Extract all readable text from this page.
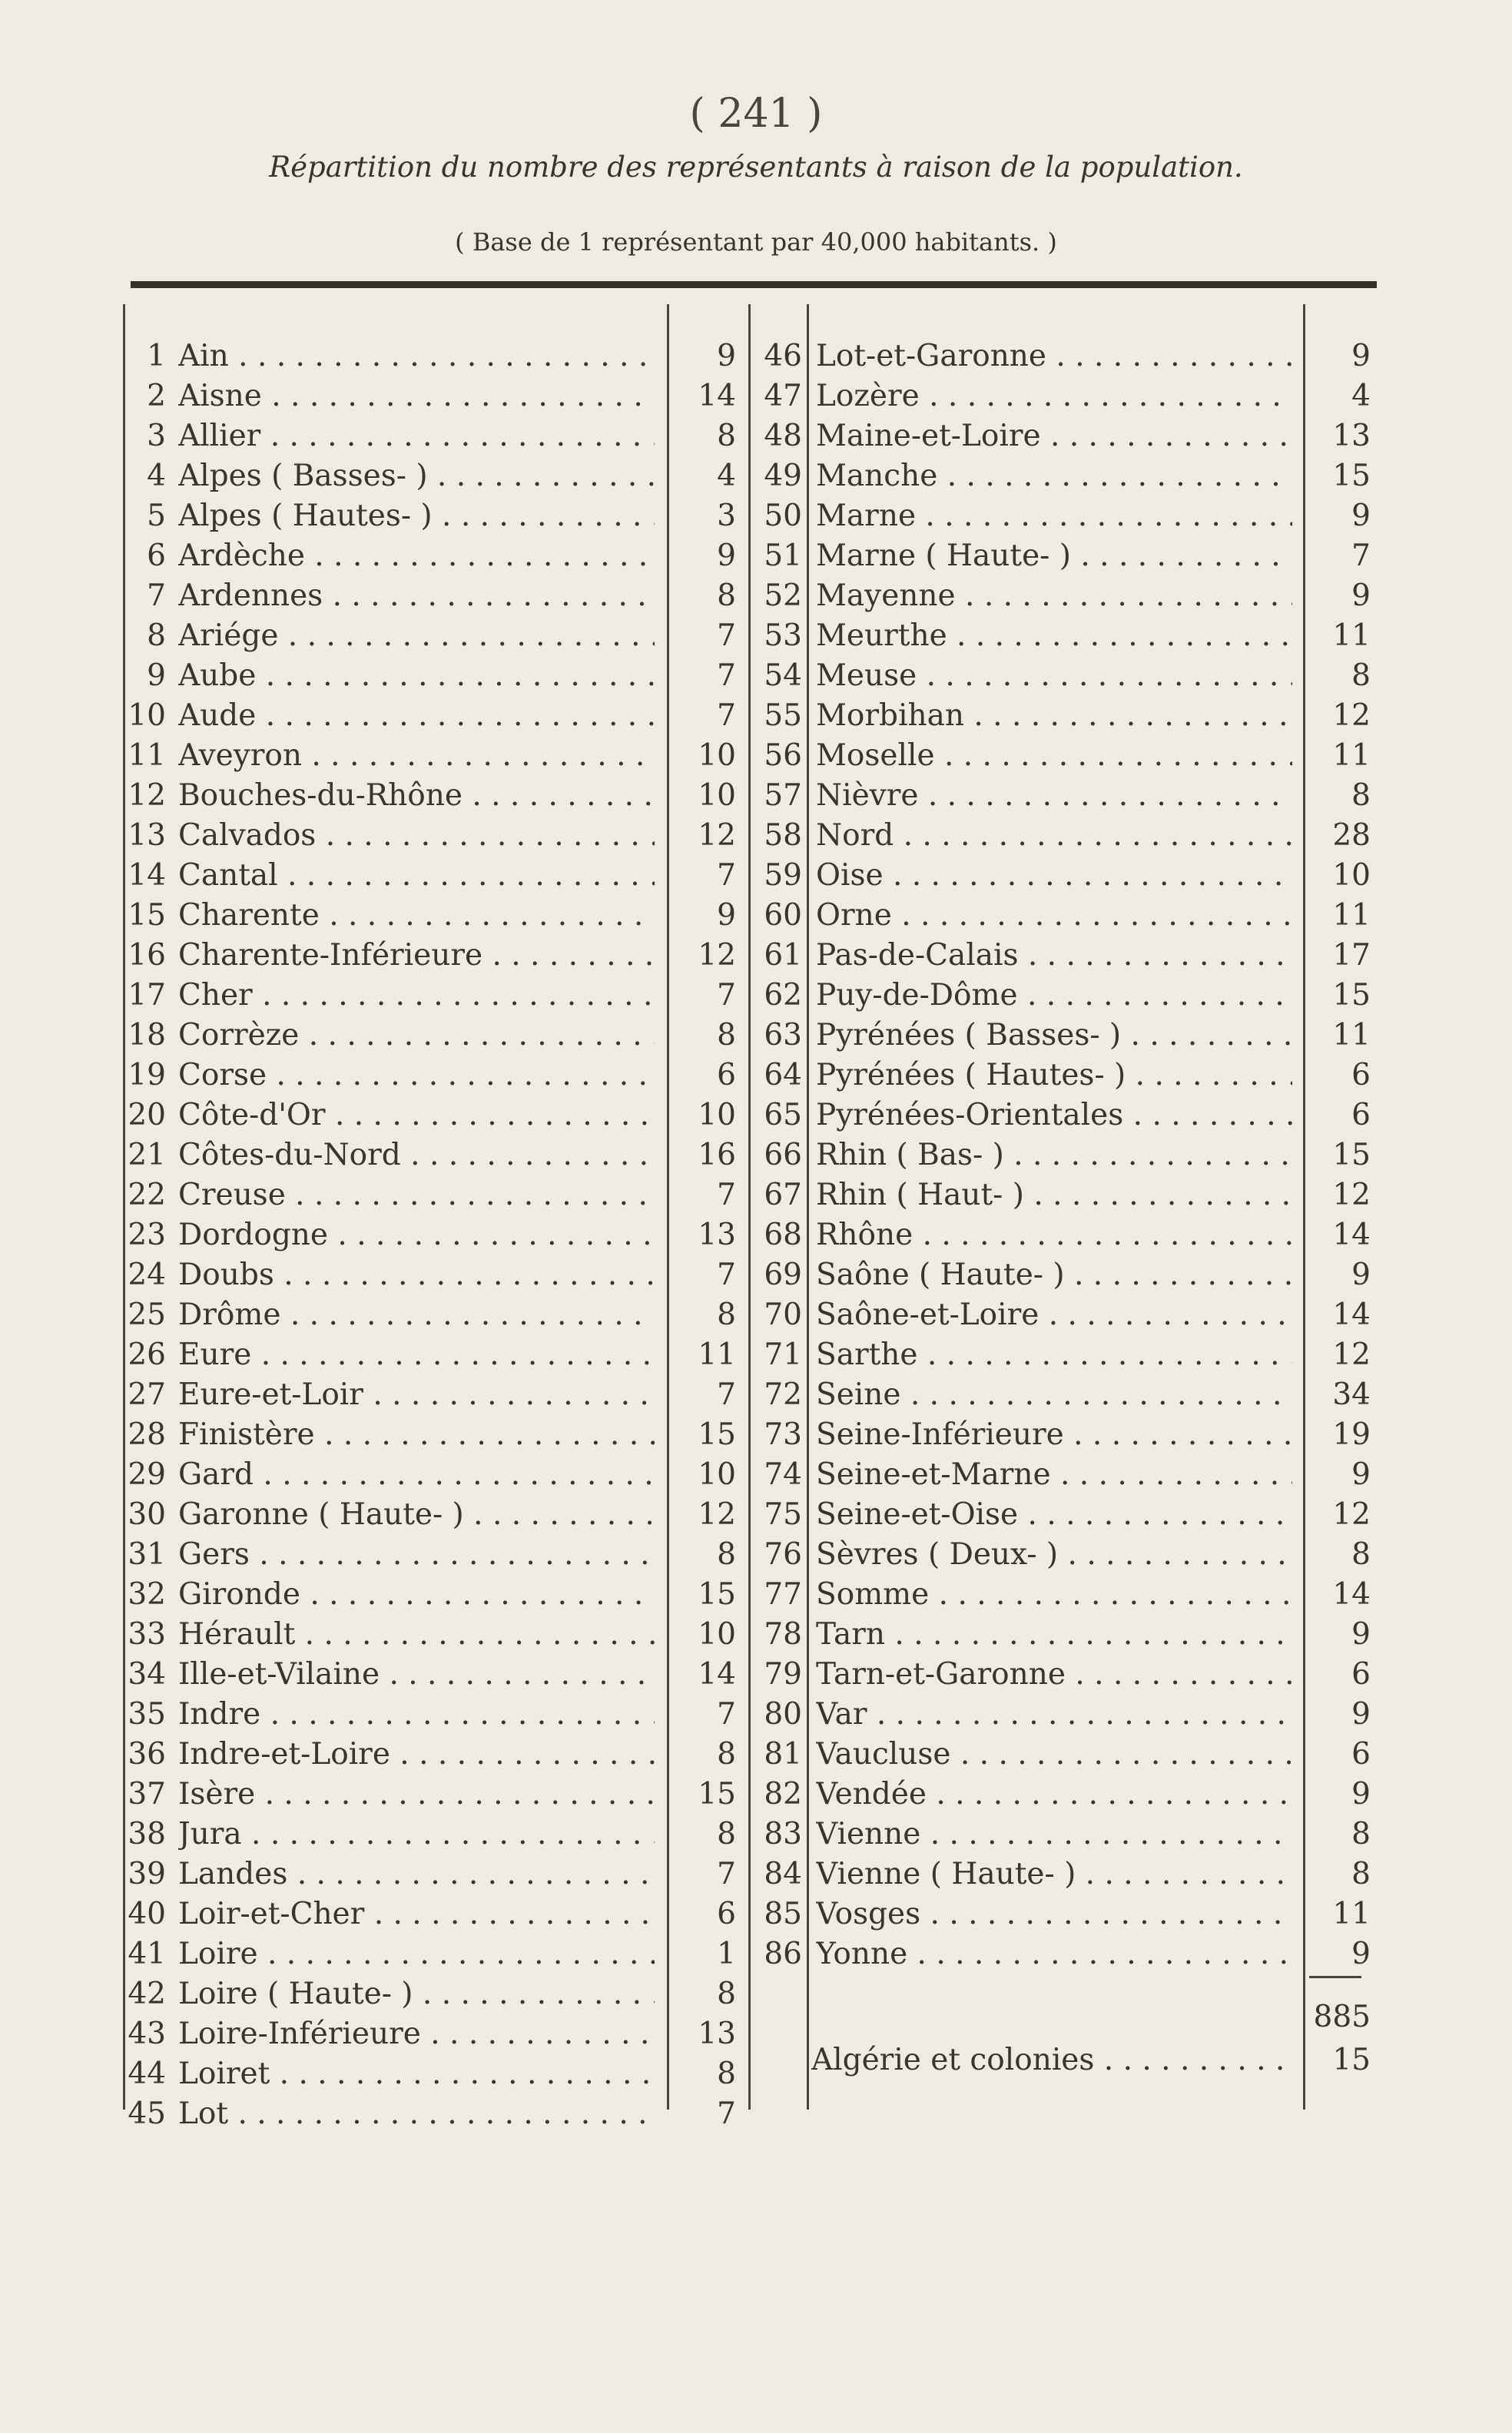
( 241 )
Répartition du nombre des représentants à raison de la population.
( Base de 1 représentant par 40,000 habitants. )
1 Ain . . .	9
2 Aisne . . .	14
3 Allier . . .	8
4 Alpes ( Basses- ) . . .	4
5 Alpes ( Hautes- ) . . .	3
6 Ardèche . . .	9
7 Ardennes . . .	8
8 Ariége . . .	7
9 Aube . . .	7
10 Aude . . .	7
11 Aveyron . . .	10
12 Bouches-du-Rhône . . .	10
13 Calvados . . .	12
14 Cantal . . .	7
15 Charente . . .	9
16 Charente-Inférieure . . .	12
17 Cher . . .	7
18 Corrèze . . .	8
19 Corse . . .	6
20 Côte-d'Or . . .	10
21 Côtes-du-Nord . . .	16
22 Creuse . . .	7
23 Dordogne . . .	13
24 Doubs . . .	7
25 Drôme . . .	8
26 Eure . . .	11
27 Eure-et-Loir . . .	7
28 Finistère . . .	15
29 Gard . . .	10
30 Garonne ( Haute- ) . . .	12
31 Gers . . .	8
32 Gironde . . .	15
33 Hérault . . .	10
34 Ille-et-Vilaine . . .	14
35 Indre . . .	7
36 Indre-et-Loire . . .	8
37 Isère . . .	15
38 Jura . . .	8
39 Landes . . .	7
40 Loir-et-Cher . . .	6
41 Loire . . .	1
42 Loire ( Haute- ) . . .	8
43 Loire-Inférieure . . .	13
44 Loiret . . .	8
45 Lot . . .	7
46 Lot-et-Garonne . . .	9
47 Lozère . . .	4
48 Maine-et-Loire . . .	13
49 Manche . . .	15
50 Marne . . .	9
51 Marne ( Haute- ) . . .	7
52 Mayenne . . .	9
53 Meurthe . . .	11
54 Meuse . . .	8
55 Morbihan . . .	12
56 Moselle . . .	11
57 Nièvre . . .	8
58 Nord . . .	28
59 Oise . . .	10
60 Orne . . .	11
61 Pas-de-Calais . . .	17
62 Puy-de-Dôme . . .	15
63 Pyrénées ( Basses- ) . . .	11
64 Pyrénées ( Hautes- ) . . .	6
65 Pyrénées-Orientales . . .	6
66 Rhin ( Bas- ) . . .	15
67 Rhin ( Haut- ) . . .	12
68 Rhône . . .	14
69 Saône ( Haute- ) . . .	9
70 Saône-et-Loire . . .	14
71 Sarthe . . .	12
72 Seine . . .	34
73 Seine-Inférieure . . .	19
74 Seine-et-Marne . . .	9
75 Seine-et-Oise . . .	12
76 Sèvres ( Deux- ) . . .	8
77 Somme . . .	14
78 Tarn . . .	9
79 Tarn-et-Garonne . . .	6
80 Var . . .	9
81 Vaucluse . . .	6
82 Vendée . . .	9
83 Vienne . . .	8
84 Vienne ( Haute- ) . . .	8
85 Vosges . . .	11
86 Yonne . . .	9
885
Algérie et colonies . . .	15
